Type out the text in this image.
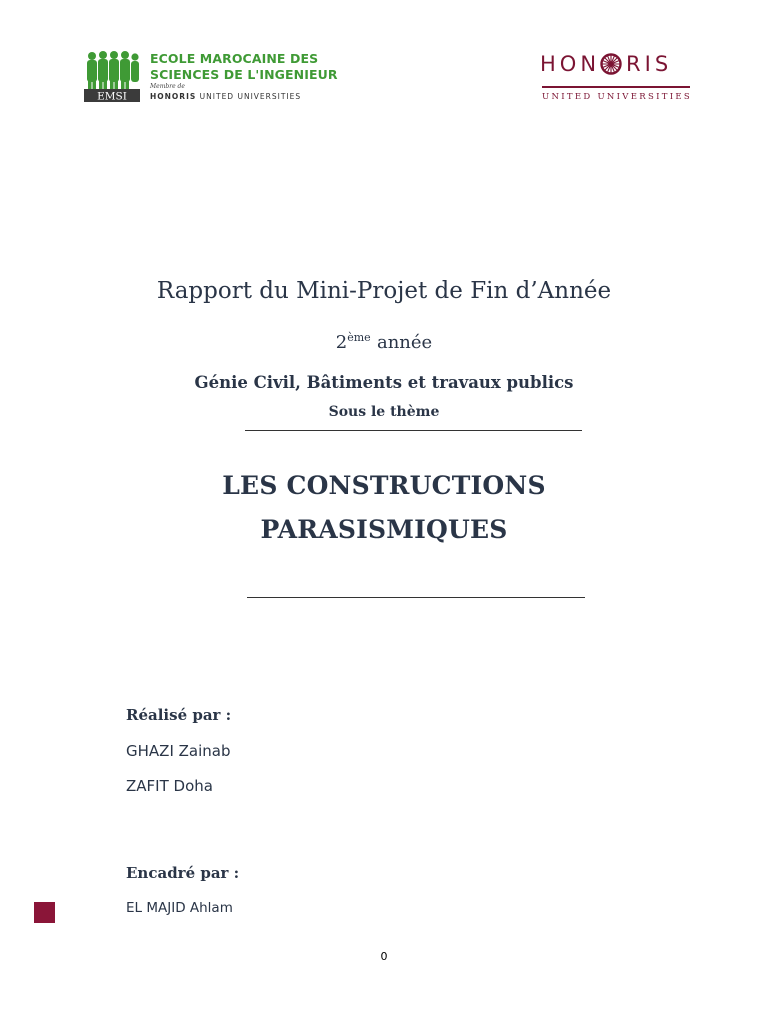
EMSI
ECOLE MAROCAINE DES
SCIENCES DE L'INGENIEUR
Membre de
HONORIS UNITED UNIVERSITIES
HON RIS
UNITED UNIVERSITIES
Rapport du Mini-Projet de Fin d’Année
2ème année
Génie Civil, Bâtiments et travaux publics
Sous le thème
LES CONSTRUCTIONS
PARASISMIQUES
Réalisé par :
GHAZI Zainab
ZAFIT Doha
Encadré par :
EL MAJID Ahlam
0
